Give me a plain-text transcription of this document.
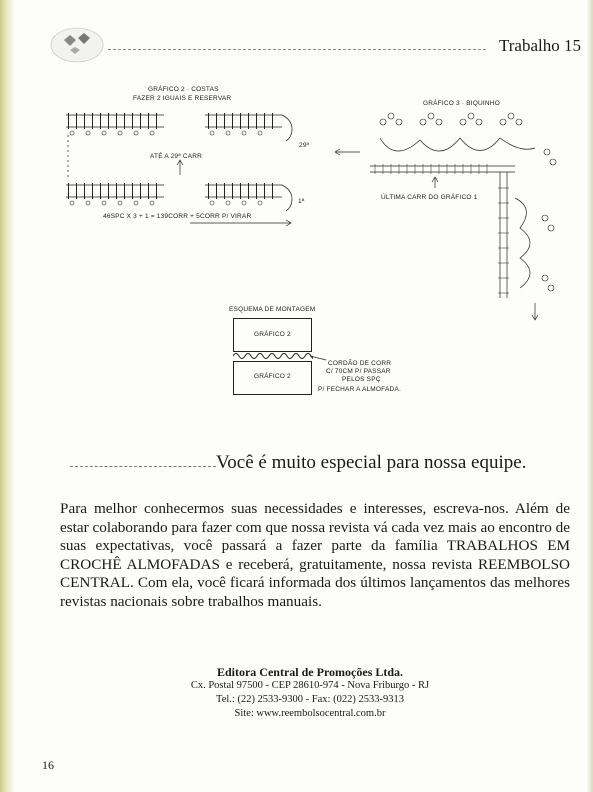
Trabalho 15
GRÁFICO 2 · COSTAS
FAZER 2 IGUAIS E RESERVAR
ATÉ A 29ª CARR
29ª
1ª
46SPC X 3 + 1 = 139CORR + 5CORR P/ VIRAR
GRÁFICO 3 · BIQUINHO
ÚLTIMA CARR DO GRÁFICO 1
ESQUEMA DE MONTAGEM
GRÁFICO 2
GRÁFICO 2
CORDÃO DE CORR
C/ 70CM P/ PASSAR
PELOS SPÇ
P/ FECHAR A ALMOFADA.
Você é muito especial para nossa equipe.

Para melhor conhecermos suas necessidades e interesses, escreva-nos. Além de estar colaborando para fazer com que nossa revista vá cada vez mais ao encontro de suas expectativas, você passará a fazer parte da família TRABALHOS EM CROCHÊ ALMOFADAS e receberá, gratuitamente, nossa revista REEMBOLSO CENTRAL. Com ela, você ficará informada dos últimos lançamentos das melhores revistas nacionais sobre trabalhos manuais.

Editora Central de Promoções Ltda.
Cx. Postal 97500 - CEP 28610-974 - Nova Friburgo - RJ
Tel.: (22) 2533-9300 - Fax: (022) 2533-9313
Site: www.reembolsocentral.com.br
16
